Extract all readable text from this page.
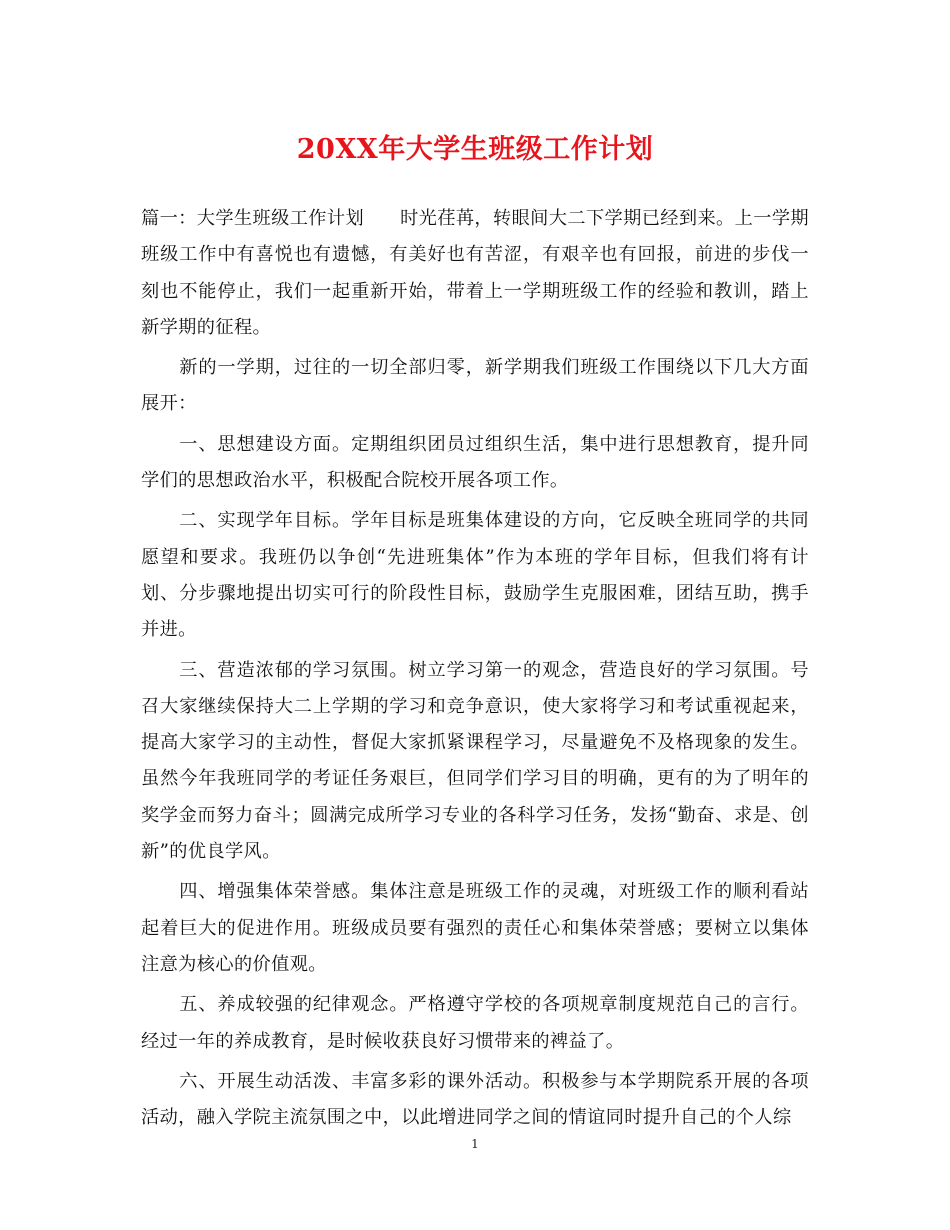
20XX年大学生班级工作计划

篇一：大学生班级工作计划 时光荏苒，转眼间大二下学期已经到来。上一学期班级工作中有喜悦也有遗憾，有美好也有苦涩，有艰辛也有回报，前进的步伐一刻也不能停止，我们一起重新开始，带着上一学期班级工作的经验和教训，踏上新学期的征程。

新的一学期，过往的一切全部归零，新学期我们班级工作围绕以下几大方面展开：

一、思想建设方面。定期组织团员过组织生活，集中进行思想教育，提升同学们的思想政治水平，积极配合院校开展各项工作。

二、实现学年目标。学年目标是班集体建设的方向，它反映全班同学的共同愿望和要求。我班仍以争创“先进班集体”作为本班的学年目标，但我们将有计划、分步骤地提出切实可行的阶段性目标，鼓励学生克服困难，团结互助，携手并进。

三、营造浓郁的学习氛围。树立学习第一的观念，营造良好的学习氛围。号召大家继续保持大二上学期的学习和竞争意识，使大家将学习和考试重视起来，提高大家学习的主动性，督促大家抓紧课程学习，尽量避免不及格现象的发生。虽然今年我班同学的考证任务艰巨，但同学们学习目的明确，更有的为了明年的奖学金而努力奋斗；圆满完成所学习专业的各科学习任务，发扬“勤奋、求是、创新”的优良学风。

四、增强集体荣誉感。集体注意是班级工作的灵魂，对班级工作的顺利看站起着巨大的促进作用。班级成员要有强烈的责任心和集体荣誉感；要树立以集体注意为核心的价值观。

五、养成较强的纪律观念。严格遵守学校的各项规章制度规范自己的言行。经过一年的养成教育，是时候收获良好习惯带来的裨益了。

六、开展生动活泼、丰富多彩的课外活动。积极参与本学期院系开展的各项活动，融入学院主流氛围之中，以此增进同学之间的情谊同时提升自己的个人综

1
